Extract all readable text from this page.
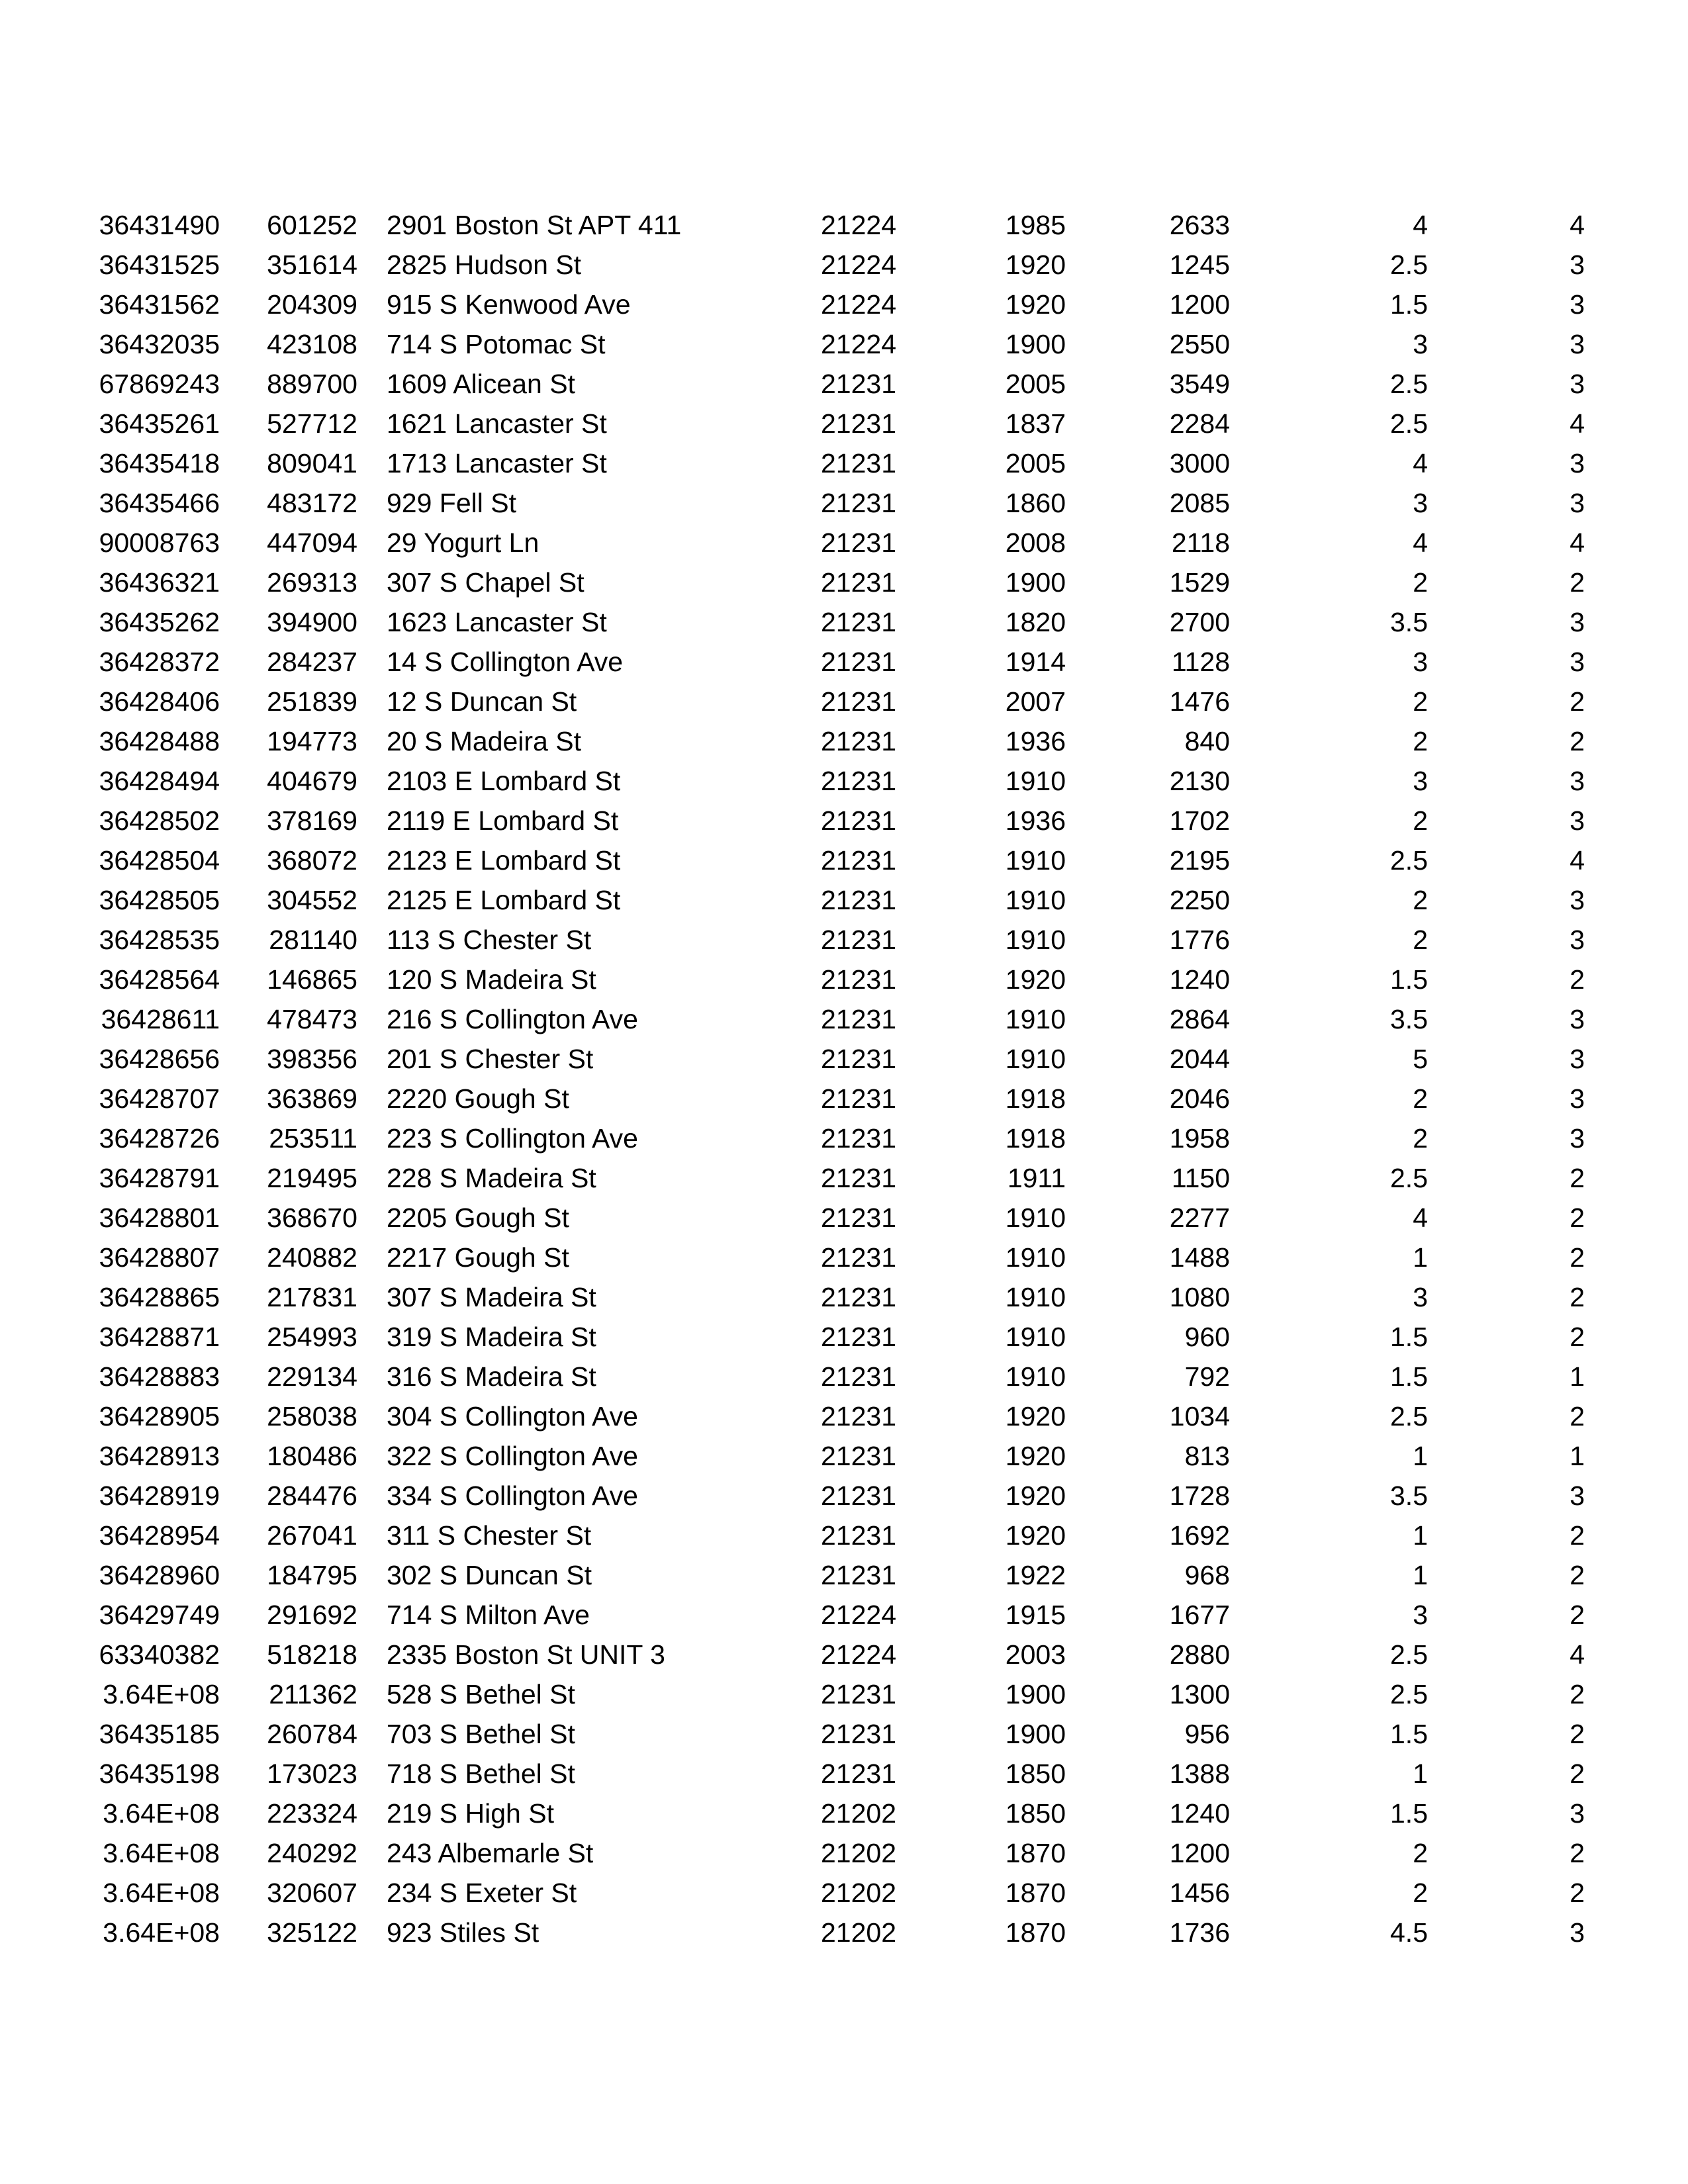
36431490	601252 2901 Boston St APT 411	21224	1985	2633	4	4
36431525	351614 2825 Hudson St	21224	1920	1245	2.5	3
36431562	204309 915 S Kenwood Ave	21224	1920	1200	1.5	3
36432035	423108 714 S Potomac St	21224	1900	2550	3	3
67869243	889700 1609 Alicean St	21231	2005	3549	2.5	3
36435261	527712 1621 Lancaster St	21231	1837	2284	2.5	4
36435418	809041 1713 Lancaster St	21231	2005	3000	4	3
36435466	483172 929 Fell St	21231	1860	2085	3	3
90008763	447094 29 Yogurt Ln	21231	2008	2118	4	4
36436321	269313 307 S Chapel St	21231	1900	1529	2	2
36435262	394900 1623 Lancaster St	21231	1820	2700	3.5	3
36428372	284237 14 S Collington Ave	21231	1914	1128	3	3
36428406	251839 12 S Duncan St	21231	2007	1476	2	2
36428488	194773 20 S Madeira St	21231	1936	840	2	2
36428494	404679 2103 E Lombard St	21231	1910	2130	3	3
36428502	378169 2119 E Lombard St	21231	1936	1702	2	3
36428504	368072 2123 E Lombard St	21231	1910	2195	2.5	4
36428505	304552 2125 E Lombard St	21231	1910	2250	2	3
36428535	281140 113 S Chester St	21231	1910	1776	2	3
36428564	146865 120 S Madeira St	21231	1920	1240	1.5	2
36428611	478473 216 S Collington Ave	21231	1910	2864	3.5	3
36428656	398356 201 S Chester St	21231	1910	2044	5	3
36428707	363869 2220 Gough St	21231	1918	2046	2	3
36428726	253511 223 S Collington Ave	21231	1918	1958	2	3
36428791	219495 228 S Madeira St	21231	1911	1150	2.5	2
36428801	368670 2205 Gough St	21231	1910	2277	4	2
36428807	240882 2217 Gough St	21231	1910	1488	1	2
36428865	217831 307 S Madeira St	21231	1910	1080	3	2
36428871	254993 319 S Madeira St	21231	1910	960	1.5	2
36428883	229134 316 S Madeira St	21231	1910	792	1.5	1
36428905	258038 304 S Collington Ave	21231	1920	1034	2.5	2
36428913	180486 322 S Collington Ave	21231	1920	813	1	1
36428919	284476 334 S Collington Ave	21231	1920	1728	3.5	3
36428954	267041 311 S Chester St	21231	1920	1692	1	2
36428960	184795 302 S Duncan St	21231	1922	968	1	2
36429749	291692 714 S Milton Ave	21224	1915	1677	3	2
63340382	518218 2335 Boston St UNIT 3	21224	2003	2880	2.5	4
3.64E+08	211362 528 S Bethel St	21231	1900	1300	2.5	2
36435185	260784 703 S Bethel St	21231	1900	956	1.5	2
36435198	173023 718 S Bethel St	21231	1850	1388	1	2
3.64E+08	223324 219 S High St	21202	1850	1240	1.5	3
3.64E+08	240292 243 Albemarle St	21202	1870	1200	2	2
3.64E+08	320607 234 S Exeter St	21202	1870	1456	2	2
3.64E+08	325122 923 Stiles St	21202	1870	1736	4.5	3
